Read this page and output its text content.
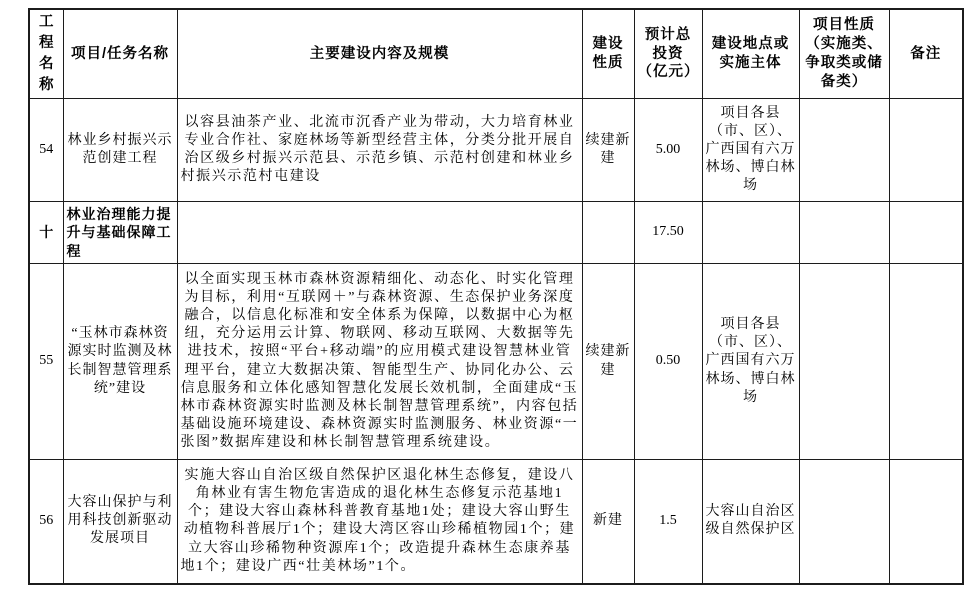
工程名称	项目/任务名称	主要建设内容及规模	建设性质	预计总投资（亿元）	建设地点或实施主体	项目性质（实施类、争取类或储备类）	备注
54	林业乡村振兴示范创建工程	以容县油茶产业、北流市沉香产业为带动，大力培育林业专业合作社、家庭林场等新型经营主体，分类分批开展自治区级乡村振兴示范县、示范乡镇、示范村创建和林业乡村振兴示范村屯建设	续建新建	5.00	项目各县（市、区）、广西国有六万林场、博白林场		
十	林业治理能力提升与基础保障工程			17.50			
55	“玉林市森林资源实时监测及林长制智慧管理系统”建设	以全面实现玉林市森林资源精细化、动态化、时实化管理为目标，利用“互联网＋”与森林资源、生态保护业务深度融合，以信息化标准和安全体系为保障，以数据中心为枢纽，充分运用云计算、物联网、移动互联网、大数据等先进技术，按照“平台+移动端”的应用模式建设智慧林业管理平台，建立大数据决策、智能型生产、协同化办公、云信息服务和立体化感知智慧化发展长效机制，全面建成“玉林市森林资源实时监测及林长制智慧管理系统”，内容包括基础设施环境建设、森林资源实时监测服务、林业资源“一张图”数据库建设和林长制智慧管理系统建设。	续建新建	0.50	项目各县（市、区）、广西国有六万林场、博白林场		
56	大容山保护与利用科技创新驱动发展项目	实施大容山自治区级自然保护区退化林生态修复，建设八角林业有害生物危害造成的退化林生态修复示范基地1个；建设大容山森林科普教育基地1处；建设大容山野生动植物科普展厅1个；建设大湾区容山珍稀植物园1个；建立大容山珍稀物种资源库1个；改造提升森林生态康养基地1个；建设广西“壮美林场”1个。	新建	1.5	大容山自治区级自然保护区		
